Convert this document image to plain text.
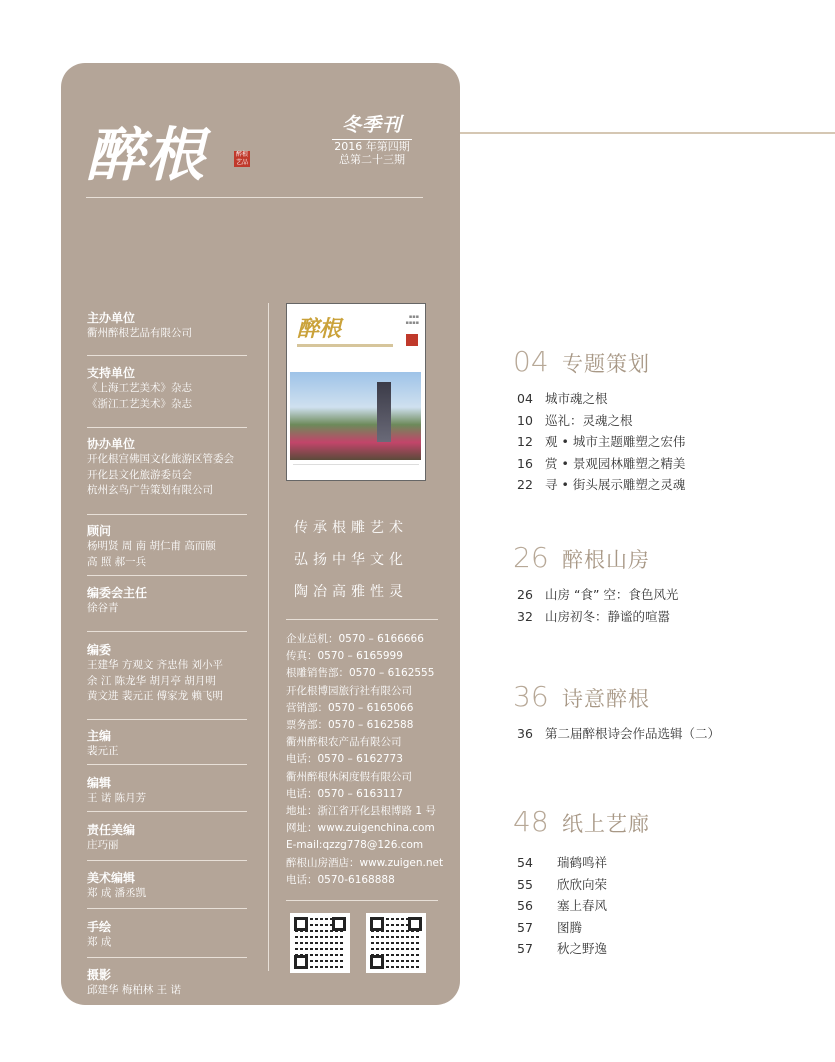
醉根	醉根艺品
冬季刊
2016 年第四期
总第二十三期
主办单位
衢州醉根艺品有限公司
支持单位
《上海工艺美术》杂志
《浙江工艺美术》杂志
协办单位
开化根宫佛国文化旅游区管委会
开化县文化旅游委员会
杭州玄鸟广告策划有限公司
顾问
杨明贤 周 南 胡仁甫 高而颐
高 照 郝一兵
编委会主任
徐谷青
编委
王建华 方观文 齐忠伟 刘小平
余 江 陈龙华 胡月亭 胡月明
黄文进 裴元正 傅家龙 赖飞明
主编
裴元正
编辑
王 诺 陈月芳
责任美编
庄巧丽
美术编辑
郑 成 潘丞凯
手绘
郑 成
摄影
邱建华 梅柏林 王 诺
醉根	▪▪▪
▪▪▪▪
传承根雕艺术
弘扬中华文化
陶冶高雅性灵
企业总机：0570 – 6166666
传真：0570 – 6165999
根雕销售部：0570 – 6162555
开化根博园旅行社有限公司
营销部：0570 – 6165066
票务部：0570 – 6162588
衢州醉根农产品有限公司
电话：0570 – 6162773
衢州醉根休闲度假有限公司
电话：0570 – 6163117
地址：浙江省开化县根博路 1 号
网址：www.zuigenchina.com
E-mail:qzzg778@126.com
醉根山房酒店：www.zuigen.net
电话：0570-6168888
04 专题策划
04 城市魂之根
10 巡礼：灵魂之根
12 观 • 城市主题雕塑之宏伟
16 赏 • 景观园林雕塑之精美
22 寻 • 街头展示雕塑之灵魂
26 醉根山房
26 山房 “食” 空：食色风光
32 山房初冬：静谧的喧嚣
36 诗意醉根
36 第二届醉根诗会作品选辑（二）
48 纸上艺廊
54 瑞鹤鸣祥
55 欣欣向荣
56 塞上春风
57 图腾
57 秋之野逸
